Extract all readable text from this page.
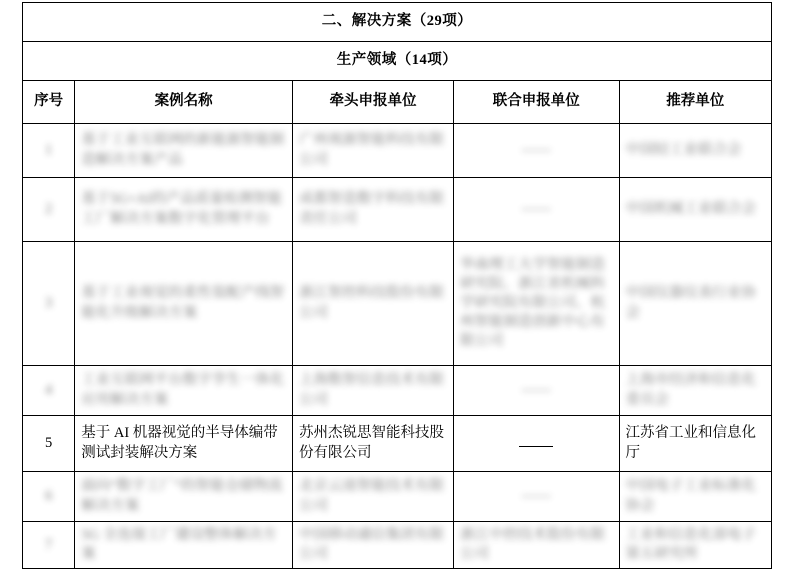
二、解决方案（29项）				
生产领域（14项）				
序号	案例名称	牵头申报单位	联合申报单位	推荐单位

1	基于工业互联网的新能源智能制造解决方案产品	广州视源智能科技有限公司	——	中国轻工业联合会

2	基于5G+AI的产品质量检测智能工厂解决方案数字化管理平台	成都智造数字科技有限责任公司	——	中国机械工业联合会

3	基于工业视觉的柔性装配产线智能化升级解决方案	浙江智控科技股份有限公司	华南理工大学智能制造研究院、浙江省机械科学研究院有限公司、杭州智能制造创新中心有限公司	中国仪器仪表行业协会

4	工业互联网平台数字孪生一体化应用解决方案	上海数智信息技术有限公司	——	上海市经济和信息化委员会

5	基于 AI 机器视觉的半导体编带测试封装解决方案	苏州杰锐思智能科技股份有限公司		江苏省工业和信息化厅

6	面向“数字工厂”的智能仓储物流解决方案	北京云迹智能技术有限公司	——	中国电子工业标准化协会

7	5G 全连接工厂建设整体解决方案	中国移动通信集团有限公司	浙江中控技术股份有限公司	工业和信息化部电子第五研究所
